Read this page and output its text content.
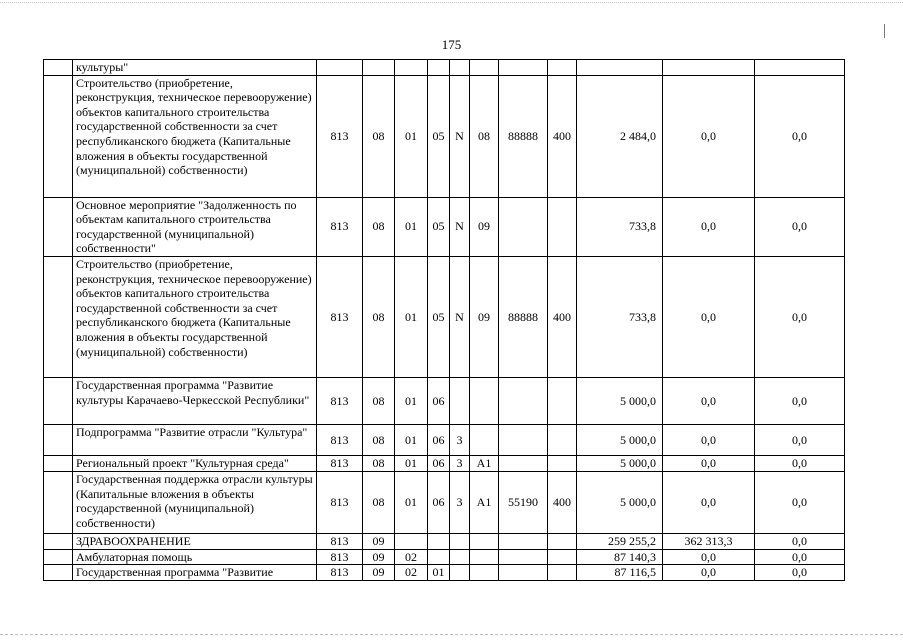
175
	культуры"											
	Строительство (приобретение, реконструкция, техническое перевооружение) объектов капитального строительства государственной собственности за счет республиканского бюджета (Капитальные вложения в объекты государственной (муниципальной) собственности)	813	08	01	05	N	08	88888	400	2 484,0	0,0	0,0
	Основное мероприятие "Задолженность по объектам капитального строительства государственной (муниципальной) собственности"	813	08	01	05	N	09			733,8	0,0	0,0
	Строительство (приобретение, реконструкция, техническое перевооружение) объектов капитального строительства государственной собственности за счет республиканского бюджета (Капитальные вложения в объекты государственной (муниципальной) собственности)	813	08	01	05	N	09	88888	400	733,8	0,0	0,0
	Государственная программа "Развитие культуры Карачаево-Черкесской Республики"	813	08	01	06					5 000,0	0,0	0,0
	Подпрограмма "Развитие отрасли "Культура"	813	08	01	06	3				5 000,0	0,0	0,0
	Региональный проект "Культурная среда"	813	08	01	06	3	A1			5 000,0	0,0	0,0
	Государственная поддержка отрасли культуры (Капитальные вложения в объекты государственной (муниципальной) собственности)	813	08	01	06	3	A1	55190	400	5 000,0	0,0	0,0
	ЗДРАВООХРАНЕНИЕ	813	09							259 255,2	362 313,3	0,0
	Амбулаторная помощь	813	09	02						87 140,3	0,0	0,0
	Государственная программа "Развитие	813	09	02	01					87 116,5	0,0	0,0
